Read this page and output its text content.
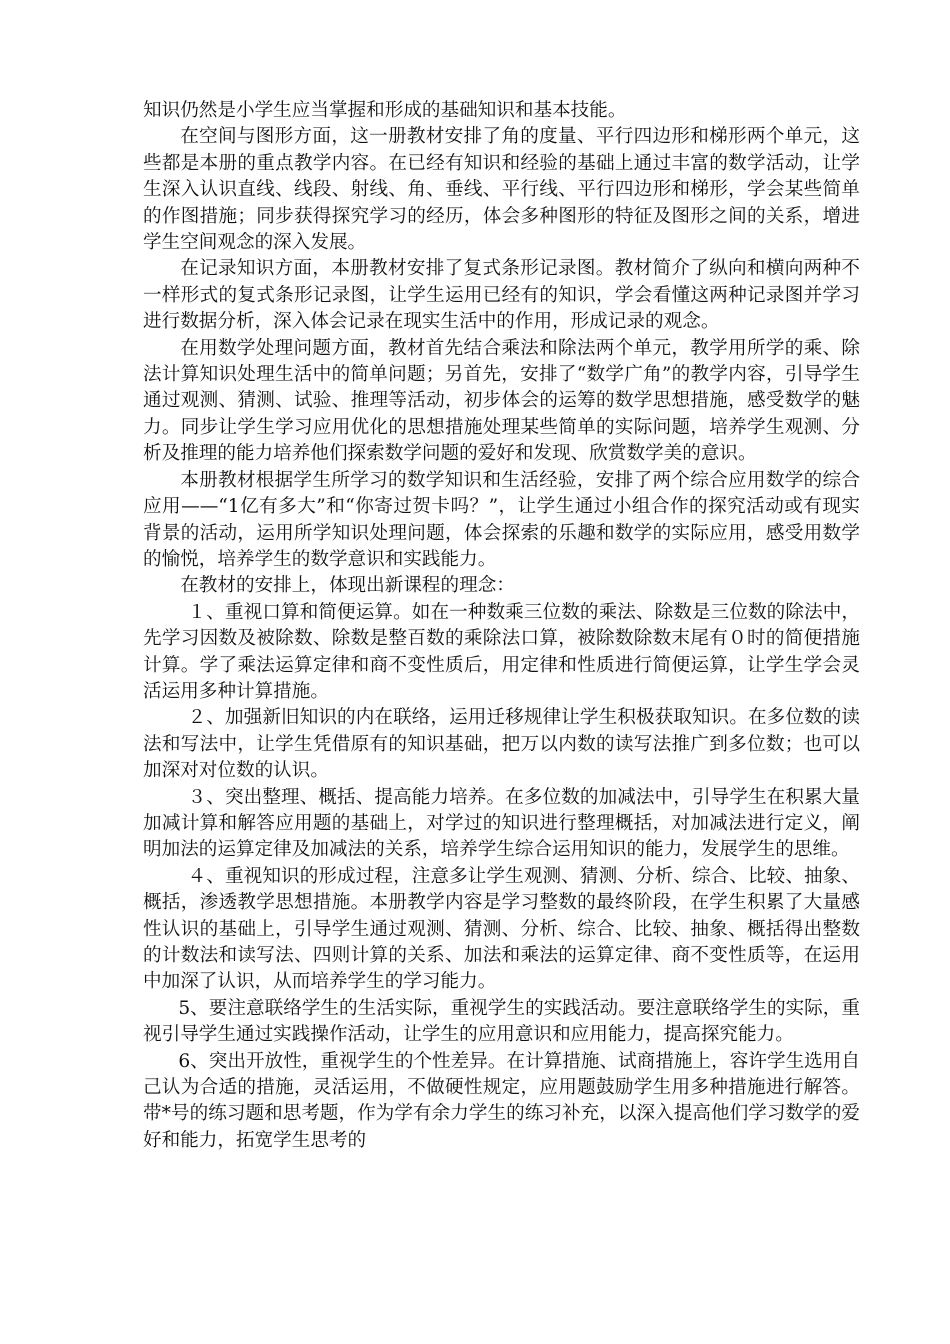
知识仍然是小学生应当掌握和形成的基础知识和基本技能。

在空间与图形方面，这一册教材安排了角的度量、平行四边形和梯形两个单元，这些都是本册的重点教学内容。在已经有知识和经验的基础上通过丰富的数学活动，让学生深入认识直线、线段、射线、角、垂线、平行线、平行四边形和梯形，学会某些简单的作图措施；同步获得探究学习的经历，体会多种图形的特征及图形之间的关系，增进学生空间观念的深入发展。

在记录知识方面，本册教材安排了复式条形记录图。教材简介了纵向和横向两种不一样形式的复式条形记录图，让学生运用已经有的知识，学会看懂这两种记录图并学习进行数据分析，深入体会记录在现实生活中的作用，形成记录的观念。

在用数学处理问题方面，教材首先结合乘法和除法两个单元，教学用所学的乘、除法计算知识处理生活中的简单问题；另首先，安排了“数学广角”的教学内容，引导学生通过观测、猜测、试验、推理等活动，初步体会的运筹的数学思想措施，感受数学的魅力。同步让学生学习应用优化的思想措施处理某些简单的实际问题，培养学生观测、分析及推理的能力培养他们探索数学问题的爱好和发现、欣赏数学美的意识。

本册教材根据学生所学习的数学知识和生活经验，安排了两个综合应用数学的综合应用——“1亿有多大”和“你寄过贺卡吗？”，让学生通过小组合作的探究活动或有现实背景的活动，运用所学知识处理问题，体会探索的乐趣和数学的实际应用，感受用数学的愉悦，培养学生的数学意识和实践能力。

在教材的安排上，体现出新课程的理念：

１、重视口算和简便运算。如在一种数乘三位数的乘法、除数是三位数的除法中，先学习因数及被除数、除数是整百数的乘除法口算，被除数除数末尾有０时的简便措施计算。学了乘法运算定律和商不变性质后，用定律和性质进行简便运算，让学生学会灵活运用多种计算措施。

２、加强新旧知识的内在联络，运用迁移规律让学生积极获取知识。在多位数的读法和写法中，让学生凭借原有的知识基础，把万以内数的读写法推广到多位数；也可以加深对对位数的认识。

３、突出整理、概括、提高能力培养。在多位数的加减法中，引导学生在积累大量加减计算和解答应用题的基础上，对学过的知识进行整理概括，对加减法进行定义，阐明加法的运算定律及加减法的关系，培养学生综合运用知识的能力，发展学生的思维。

４、重视知识的形成过程，注意多让学生观测、猜测、分析、综合、比较、抽象、概括，渗透教学思想措施。本册教学内容是学习整数的最终阶段，在学生积累了大量感性认识的基础上，引导学生通过观测、猜测、分析、综合、比较、抽象、概括得出整数的计数法和读写法、四则计算的关系、加法和乘法的运算定律、商不变性质等，在运用中加深了认识，从而培养学生的学习能力。

5、要注意联络学生的生活实际，重视学生的实践活动。要注意联络学生的实际，重视引导学生通过实践操作活动，让学生的应用意识和应用能力，提高探究能力。

6、突出开放性，重视学生的个性差异。在计算措施、试商措施上，容许学生选用自己认为合适的措施，灵活运用，不做硬性规定，应用题鼓励学生用多种措施进行解答。带*号的练习题和思考题，作为学有余力学生的练习补充，以深入提高他们学习数学的爱好和能力，拓宽学生思考的
